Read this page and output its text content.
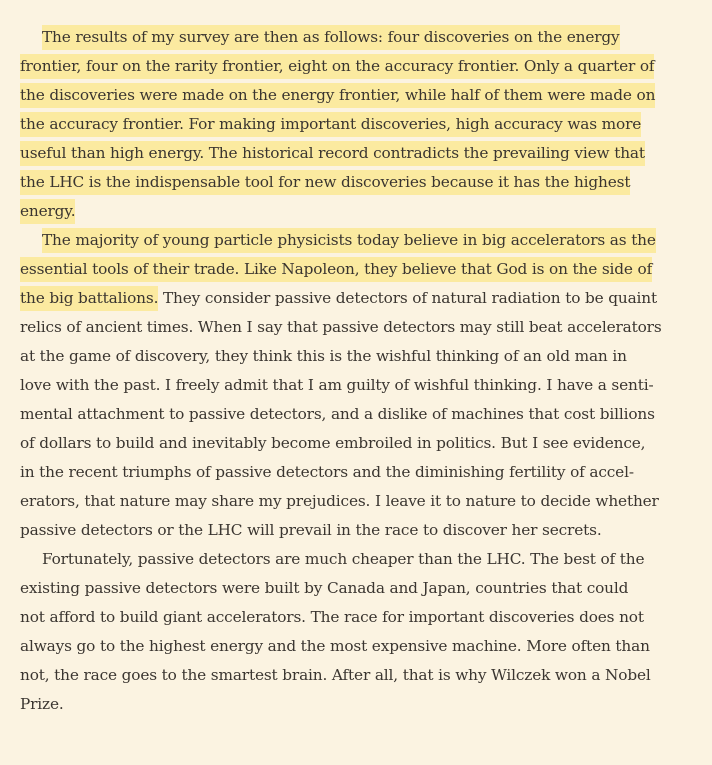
The results of my survey are then as follows: four discoveries on the energy
frontier, four on the rarity frontier, eight on the accuracy frontier. Only a quarter of
the discoveries were made on the energy frontier, while half of them were made on
the accuracy frontier. For making important discoveries, high accuracy was more
useful than high energy. The historical record contradicts the prevailing view that
the LHC is the indispensable tool for new discoveries because it has the highest
energy.

The majority of young particle physicists today believe in big accelerators as the
essential tools of their trade. Like Napoleon, they believe that God is on the side of
the big battalions. They consider passive detectors of natural radiation to be quaint
relics of ancient times. When I say that passive detectors may still beat accelerators
at the game of discovery, they think this is the wishful thinking of an old man in
love with the past. I freely admit that I am guilty of wishful thinking. I have a senti-
mental attachment to passive detectors, and a dislike of machines that cost billions
of dollars to build and inevitably become embroiled in politics. But I see evidence,
in the recent triumphs of passive detectors and the diminishing fertility of accel-
erators, that nature may share my prejudices. I leave it to nature to decide whether
passive detectors or the LHC will prevail in the race to discover her secrets.

Fortunately, passive detectors are much cheaper than the LHC. The best of the
existing passive detectors were built by Canada and Japan, countries that could
not afford to build giant accelerators. The race for important discoveries does not
always go to the highest energy and the most expensive machine. More often than
not, the race goes to the smartest brain. After all, that is why Wilczek won a Nobel
Prize.
